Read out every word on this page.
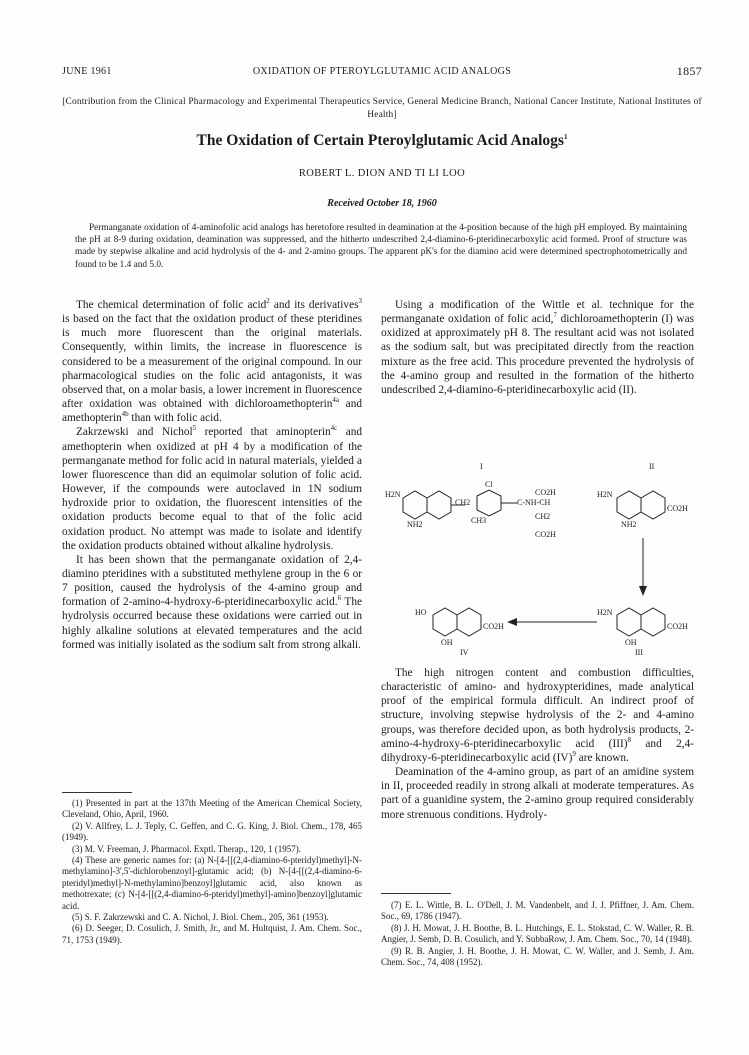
JUNE 1961	OXIDATION OF PTEROYLGLUTAMIC ACID ANALOGS	1857
[Contribution from the Clinical Pharmacology and Experimental Therapeutics Service, General Medicine Branch, National Cancer Institute, National Institutes of Health]
The Oxidation of Certain Pteroylglutamic Acid Analogs$^1$
ROBERT L. DION AND TI LI LOO
Received October 18, 1960
Permanganate oxidation of 4-aminofolic acid analogs has heretofore resulted in deamination at the 4-position because of the high pH employed. By maintaining the pH at 8-9 during oxidation, deamination was suppressed, and the hitherto undescribed 2,4-diamino-6-pteridinecarboxylic acid formed. Proof of structure was made by stepwise alkaline and acid hydrolysis of the 4- and 2-amino groups. The apparent pK's for the diamino acid were determined spectrophotometrically and found to be 1.4 and 5.0.

The chemical determination of folic acid$^2$ and its derivatives$^3$ is based on the fact that the oxidation product of these pteridines is much more fluorescent than the original materials. Consequently, within limits, the increase in fluorescence is considered to be a measurement of the original compound. In our pharmacological studies on the folic acid antagonists, it was observed that, on a molar basis, a lower increment in fluorescence after oxidation was obtained with dichloroamethopterin$^{4a}$ and amethopterin$^{4b}$ than with folic acid.

Zakrzewski and Nichol$^5$ reported that aminopterin$^{4c}$ and amethopterin when oxidized at pH 4 by a modification of the permanganate method for folic acid in natural materials, yielded a lower fluorescence than did an equimolar solution of folic acid. However, if the compounds were autoclaved in 1N sodium hydroxide prior to oxidation, the fluorescent intensities of the oxidation products become equal to that of the folic acid oxidation product. No attempt was made to isolate and identify the oxidation products obtained without alkaline hydrolysis.

It has been shown that the permanganate oxidation of 2,4-diamino pteridines with a substituted methylene group in the 6 or 7 position, caused the hydrolysis of the 4-amino group and formation of 2-amino-4-hydroxy-6-pteridinecarboxylic acid.$^6$ The hydrolysis occurred because these oxidations were carried out in highly alkaline solutions at elevated temperatures and the acid formed was initially isolated as the sodium salt from strong alkali.

(1) Presented in part at the 137th Meeting of the American Chemical Society, Cleveland, Ohio, April, 1960.

(2) V. Allfrey, L. J. Teply, C. Geffen, and C. G. King, J. Biol. Chem., 178, 465 (1949).

(3) M. V. Freeman, J. Pharmacol. Exptl. Therap., 120, 1 (1957).

(4) These are generic names for: (a) N-[4-[[(2,4-diamino-6-pteridyl)methyl]-N-methylamino]-3',5'-dichlorobenzoyl]-glutamic acid; (b) N-[4-[[(2,4-diamino-6-pteridyl)methyl]-N-methylamino]benzoyl]glutamic acid, also known as methotrexate; (c) N-[4-[[(2,4-diamino-6-pteridyl)methyl]-amino]benzoyl]glutamic acid.

(5) S. F. Zakrzewski and C. A. Nichol, J. Biol. Chem., 205, 361 (1953).

(6) D. Seeger, D. Cosulich, J. Smith, Jr., and M. Hultquist, J. Am. Chem. Soc., 71, 1753 (1949).

Using a modification of the Wittle et al. technique for the permanganate oxidation of folic acid,$^7$ dichloroamethopterin (I) was oxidized at approximately pH 8. The resultant acid was not isolated as the sodium salt, but was precipitated directly from the reaction mixture as the free acid. This procedure prevented the hydrolysis of the 4-amino group and resulted in the formation of the hitherto undescribed 2,4-diamino-6-pteridinecarboxylic acid (II).

I	II
IV	III
H2N
NH2
CH2
Cl
CH3
C-NH-CH
CO2H
CH2
CO2H
H2N
CO2H
NH2
HO
CO2H
OH
H2N
CO2H
OH

The high nitrogen content and combustion difficulties, characteristic of amino- and hydroxypteridines, made analytical proof of the empirical formula difficult. An indirect proof of structure, involving stepwise hydrolysis of the 2- and 4-amino groups, was therefore decided upon, as both hydrolysis products, 2-amino-4-hydroxy-6-pteridinecarboxylic acid (III)$^8$ and 2,4-dihydroxy-6-pteridinecarboxylic acid (IV)$^9$ are known.

Deamination of the 4-amino group, as part of an amidine system in II, proceeded readily in strong alkali at moderate temperatures. As part of a guanidine system, the 2-amino group required considerably more strenuous conditions. Hydroly-

(7) E. L. Wittle, B. L. O'Dell, J. M. Vandenbelt, and J. J. Pfiffner, J. Am. Chem. Soc., 69, 1786 (1947).

(8) J. H. Mowat, J. H. Boothe, B. L. Hutchings, E. L. Stokstad, C. W. Waller, R. B. Angier, J. Semb, D. B. Cosulich, and Y. SubbaRow, J. Am. Chem. Soc., 70, 14 (1948).

(9) R. B. Angier, J. H. Boothe, J. H. Mowat, C. W. Waller, and J. Semb, J. Am. Chem. Soc., 74, 408 (1952).
